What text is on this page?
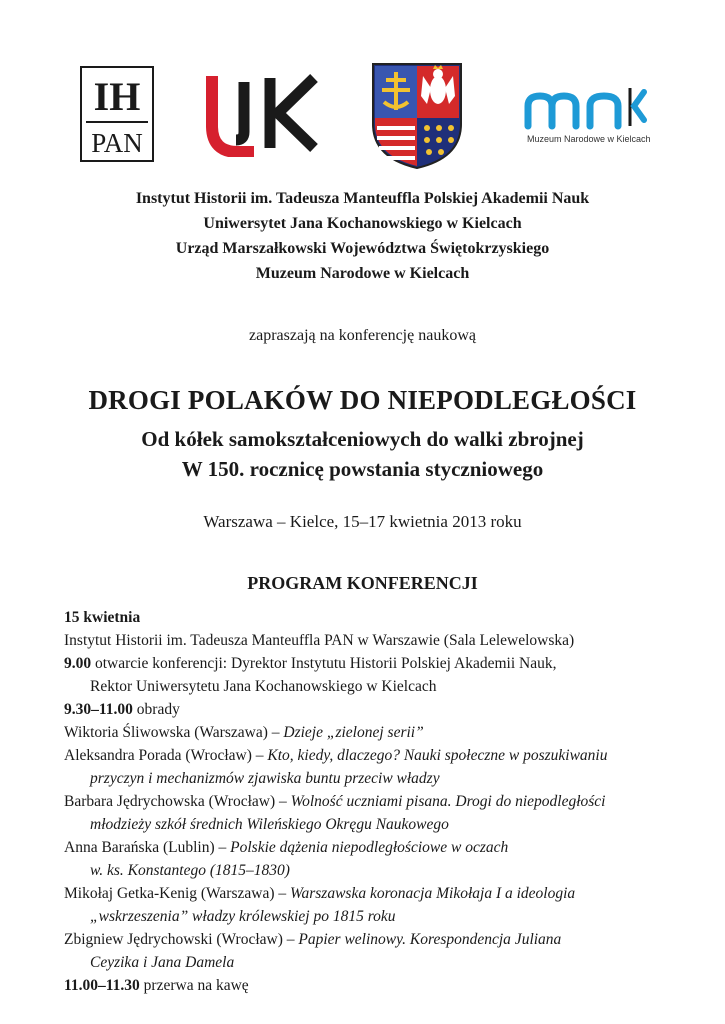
IH
PAN	Muzeum Narodowe w Kielcach
Instytut Historii im. Tadeusza Manteuffla Polskiej Akademii Nauk
Uniwersytet Jana Kochanowskiego w Kielcach
Urząd Marszałkowski Województwa Świętokrzyskiego
Muzeum Narodowe w Kielcach
zapraszają na konferencję naukową
DROGI POLAKÓW DO NIEPODLEGŁOŚCI
Od kółek samokształceniowych do walki zbrojnej
W 150. rocznicę powstania styczniowego
Warszawa – Kielce, 15–17 kwietnia 2013 roku
PROGRAM KONFERENCJI
15 kwietnia
Instytut Historii im. Tadeusza Manteuffla PAN w Warszawie (Sala Lelewelowska)
9.00 otwarcie konferencji: Dyrektor Instytutu Historii Polskiej Akademii Nauk,
Rektor Uniwersytetu Jana Kochanowskiego w Kielcach
9.30–11.00 obrady
Wiktoria Śliwowska (Warszawa) – Dzieje „zielonej serii”
Aleksandra Porada (Wrocław) – Kto, kiedy, dlaczego? Nauki społeczne w poszukiwaniu
przyczyn i mechanizmów zjawiska buntu przeciw władzy
Barbara Jędrychowska (Wrocław) – Wolność uczniami pisana. Drogi do niepodległości
młodzieży szkół średnich Wileńskiego Okręgu Naukowego
Anna Barańska (Lublin) – Polskie dążenia niepodległościowe w oczach
w. ks. Konstantego (1815–1830)
Mikołaj Getka-Kenig (Warszawa) – Warszawska koronacja Mikołaja I a ideologia
„wskrzeszenia” władzy królewskiej po 1815 roku
Zbigniew Jędrychowski (Wrocław) – Papier welinowy. Korespondencja Juliana
Ceyzika i Jana Damela
11.00–11.30 przerwa na kawę
